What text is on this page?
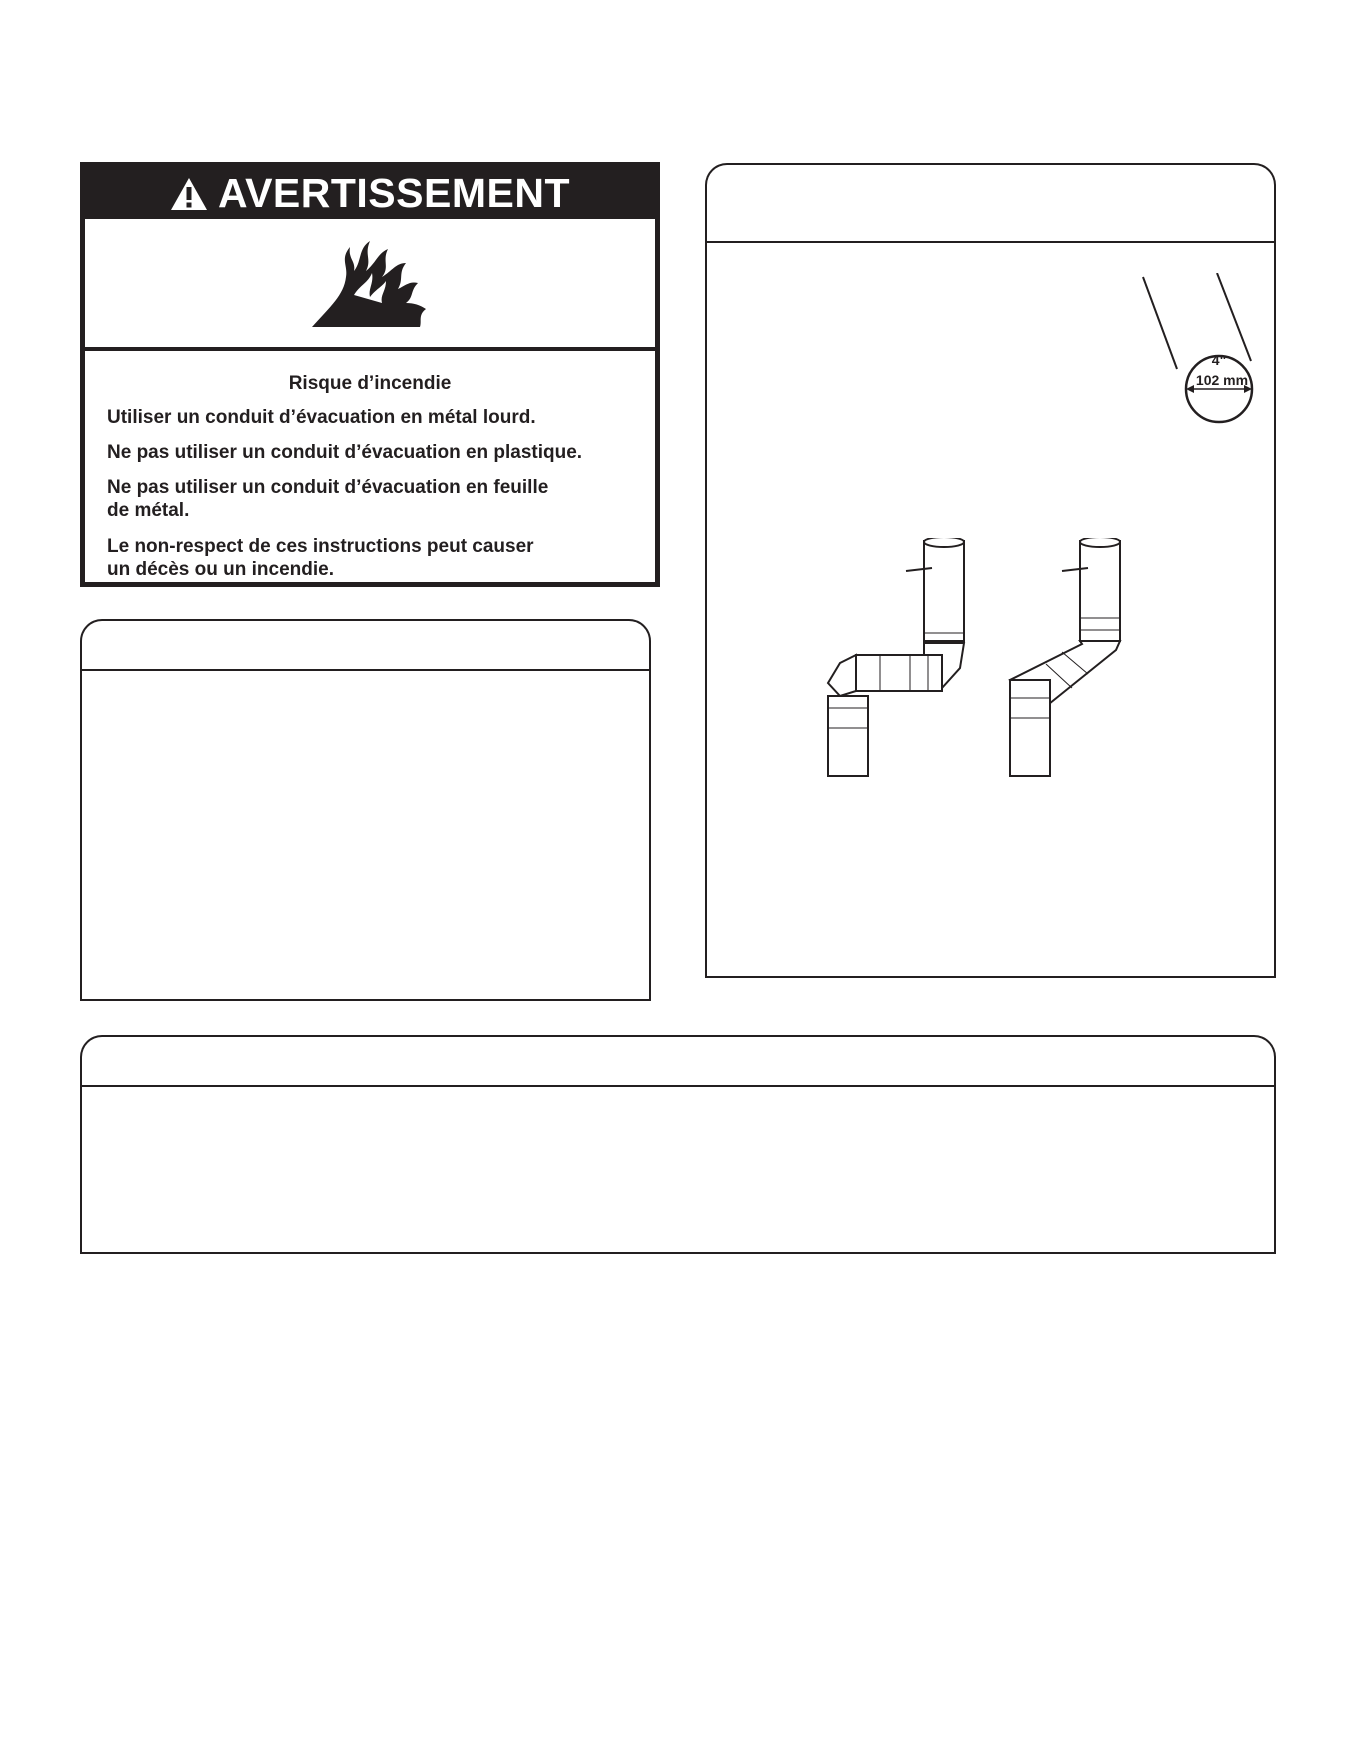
AVERTISSEMENT
Risque d’incendie
Utiliser un conduit d’évacuation en métal lourd.
Ne pas utiliser un conduit d’évacuation en plastique.
Ne pas utiliser un conduit d’évacuation en feuille
de métal.
Le non-respect de ces instructions peut causer
un décès ou un incendie.
4"
102 mm
